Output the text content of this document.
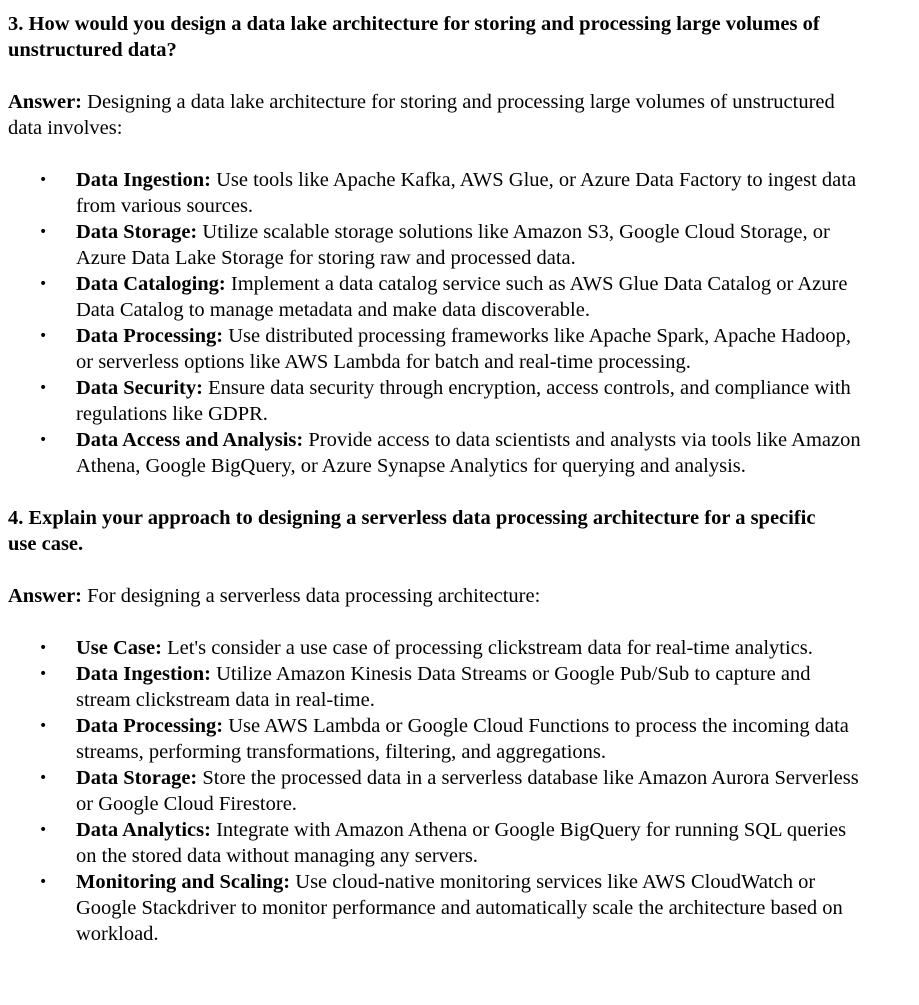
3. How would you design a data lake architecture for storing and processing large volumes of unstructured data?

Answer: Designing a data lake architecture for storing and processing large volumes of unstructured data involves:

• Data Ingestion: Use tools like Apache Kafka, AWS Glue, or Azure Data Factory to ingest data from various sources.
• Data Storage: Utilize scalable storage solutions like Amazon S3, Google Cloud Storage, or Azure Data Lake Storage for storing raw and processed data.
• Data Cataloging: Implement a data catalog service such as AWS Glue Data Catalog or Azure Data Catalog to manage metadata and make data discoverable.
• Data Processing: Use distributed processing frameworks like Apache Spark, Apache Hadoop, or serverless options like AWS Lambda for batch and real-time processing.
• Data Security: Ensure data security through encryption, access controls, and compliance with regulations like GDPR.
• Data Access and Analysis: Provide access to data scientists and analysts via tools like Amazon Athena, Google BigQuery, or Azure Synapse Analytics for querying and analysis.

4. Explain your approach to designing a serverless data processing architecture for a specific use case.

Answer: For designing a serverless data processing architecture:

• Use Case: Let's consider a use case of processing clickstream data for real-time analytics.
• Data Ingestion: Utilize Amazon Kinesis Data Streams or Google Pub/Sub to capture and stream clickstream data in real-time.
• Data Processing: Use AWS Lambda or Google Cloud Functions to process the incoming data streams, performing transformations, filtering, and aggregations.
• Data Storage: Store the processed data in a serverless database like Amazon Aurora Serverless or Google Cloud Firestore.
• Data Analytics: Integrate with Amazon Athena or Google BigQuery for running SQL queries on the stored data without managing any servers.
• Monitoring and Scaling: Use cloud-native monitoring services like AWS CloudWatch or Google Stackdriver to monitor performance and automatically scale the architecture based on workload.
